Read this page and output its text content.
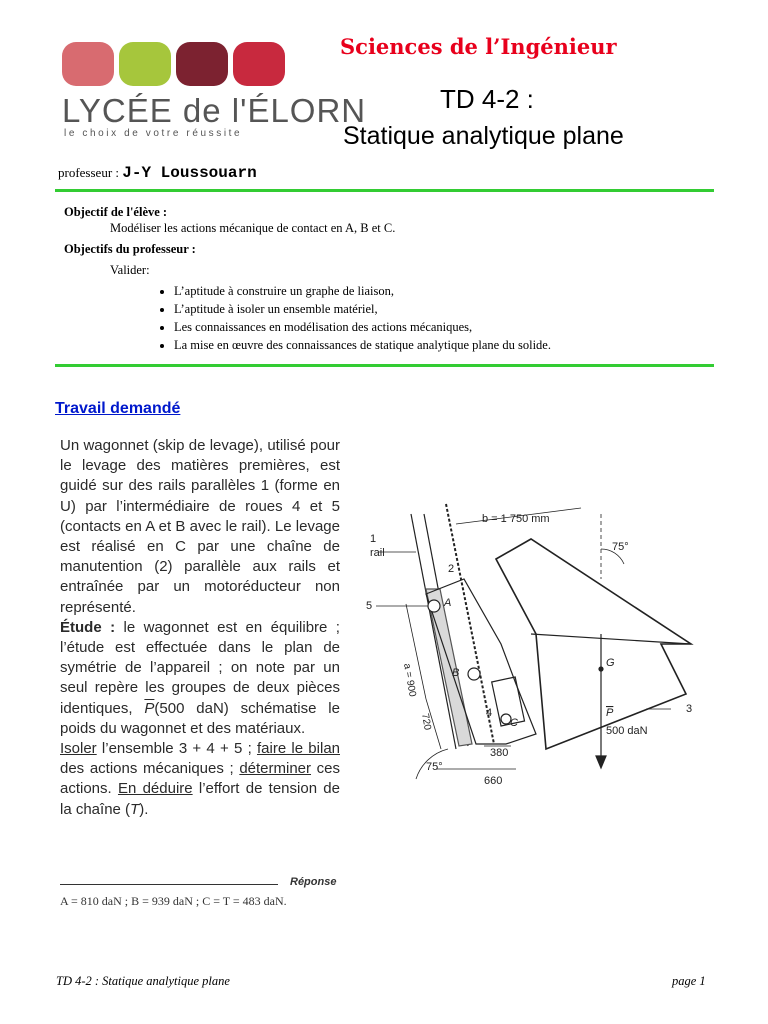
LYCÉE de l'ÉLORN
le choix de votre réussite
Sciences de l’Ingénieur
TD 4-2 :
Statique analytique plane
professeur : J-Y Loussouarn
Objectif de l'élève :
Modéliser les actions mécanique de contact en A, B et C.
Objectifs du professeur :
Valider:
• L’aptitude à construire un graphe de liaison,
• L’aptitude à isoler un ensemble matériel,
• Les connaissances en modélisation des actions mécaniques,
• La mise en œuvre des connaissances de statique analytique plane du solide.
Travail demandé

Un wagonnet (skip de levage), utilisé pour le levage des matières premières, est guidé sur des rails parallèles 1 (forme en U) par l’intermédiaire de roues 4 et 5 (contacts en A et B avec le rail). Le levage est réalisé en C par une chaîne de manutention (2) parallèle aux rails et entraînée par un motoréducteur non représenté.

Étude : le wagonnet est en équilibre ; l’étude est effectuée dans le plan de symétrie de l’appareil ; on note par un seul repère les groupes de deux pièces identiques, $\overline{P}(500$ daN) schématise le poids du wagonnet et des matériaux.

Isoler l’ensemble 3 + 4 + 5 ; faire le bilan des actions mécaniques ; déterminer ces actions. En déduire l’effort de tension de la chaîne (T).

Réponse
A = 810 daN ; B = 939 daN ; C = T = 483 daN.
1
rail
2
b = 1 750 mm
75°
5	A
a = 900	B
G
720	4
C
P
500 daN
3
380
75°
660
TD 4-2 : Statique analytique plane	page 1
